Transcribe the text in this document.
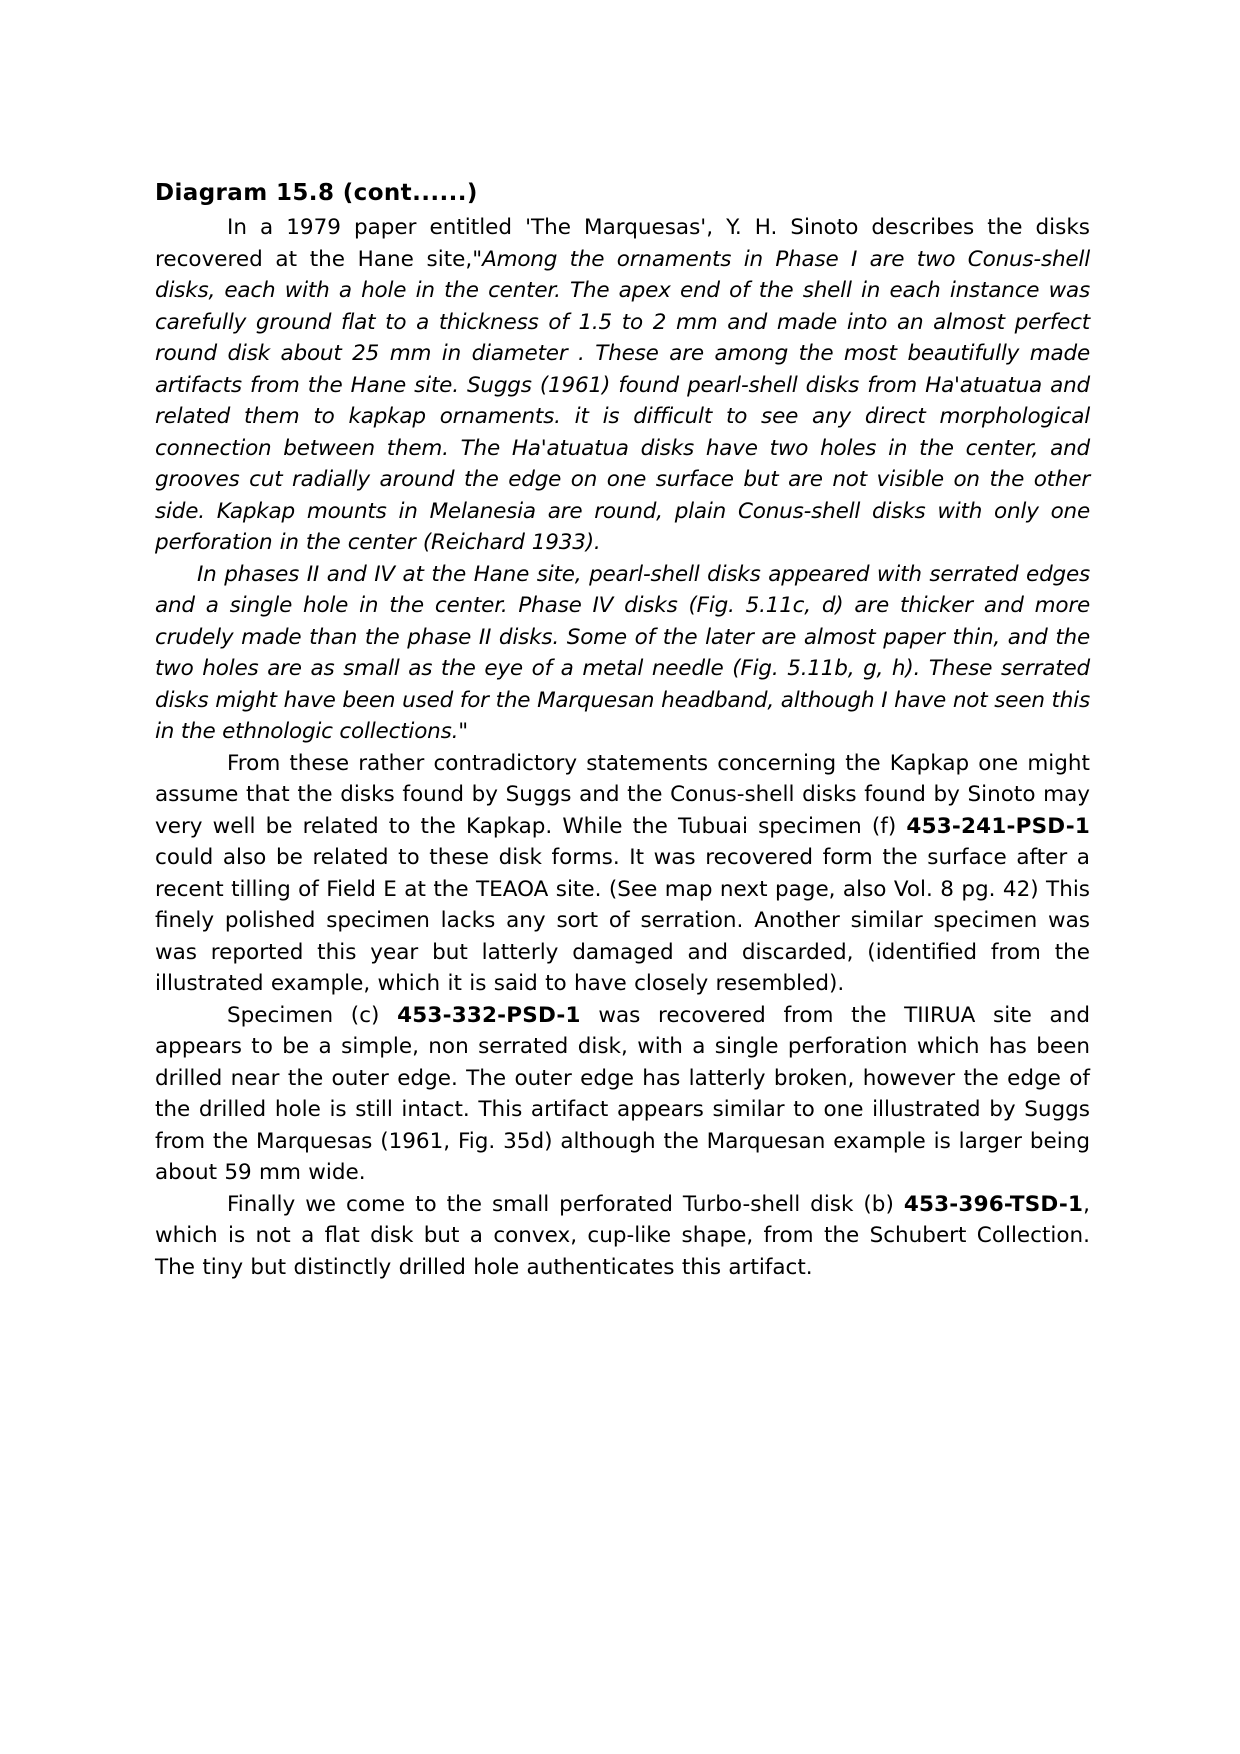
Diagram 15.8 (cont......)

In a 1979 paper entitled 'The Marquesas', Y. H. Sinoto describes the disks recovered at the Hane site,"Among the ornaments in Phase I are two Conus-shell disks, each with a hole in the center. The apex end of the shell in each instance was carefully ground flat to a thickness of 1.5 to 2 mm and made into an almost perfect round disk about 25 mm in diameter . These are among the most beautifully made artifacts from the Hane site. Suggs (1961) found pearl-shell disks from Ha'atuatua and related them to kapkap ornaments. it is difficult to see any direct morphological connection between them. The Ha'atuatua disks have two holes in the center, and grooves cut radially around the edge on one surface but are not visible on the other side. Kapkap mounts in Melanesia are round, plain Conus-shell disks with only one perforation in the center (Reichard 1933).

In phases II and IV at the Hane site, pearl-shell disks appeared with serrated edges and a single hole in the center. Phase IV disks (Fig. 5.11c, d) are thicker and more crudely made than the phase II disks. Some of the later are almost paper thin, and the two holes are as small as the eye of a metal needle (Fig. 5.11b, g, h). These serrated disks might have been used for the Marquesan headband, although I have not seen this in the ethnologic collections."

From these rather contradictory statements concerning the Kapkap one might assume that the disks found by Suggs and the Conus-shell disks found by Sinoto may very well be related to the Kapkap. While the Tubuai specimen (f) 453-241-PSD-1 could also be related to these disk forms. It was recovered form the surface after a recent tilling of Field E at the TEAOA site. (See map next page, also Vol. 8 pg. 42) This finely polished specimen lacks any sort of serration. Another similar specimen was was reported this year but latterly damaged and discarded, (identified from the illustrated example, which it is said to have closely resembled).

Specimen (c) 453-332-PSD-1 was recovered from the TIIRUA site and appears to be a simple, non serrated disk, with a single perforation which has been drilled near the outer edge. The outer edge has latterly broken, however the edge of the drilled hole is still intact. This artifact appears similar to one illustrated by Suggs from the Marquesas (1961, Fig. 35d) although the Marquesan example is larger being about 59 mm wide.

Finally we come to the small perforated Turbo-shell disk (b) 453-396-TSD-1, which is not a flat disk but a convex, cup-like shape, from the Schubert Collection. The tiny but distinctly drilled hole authenticates this artifact.
